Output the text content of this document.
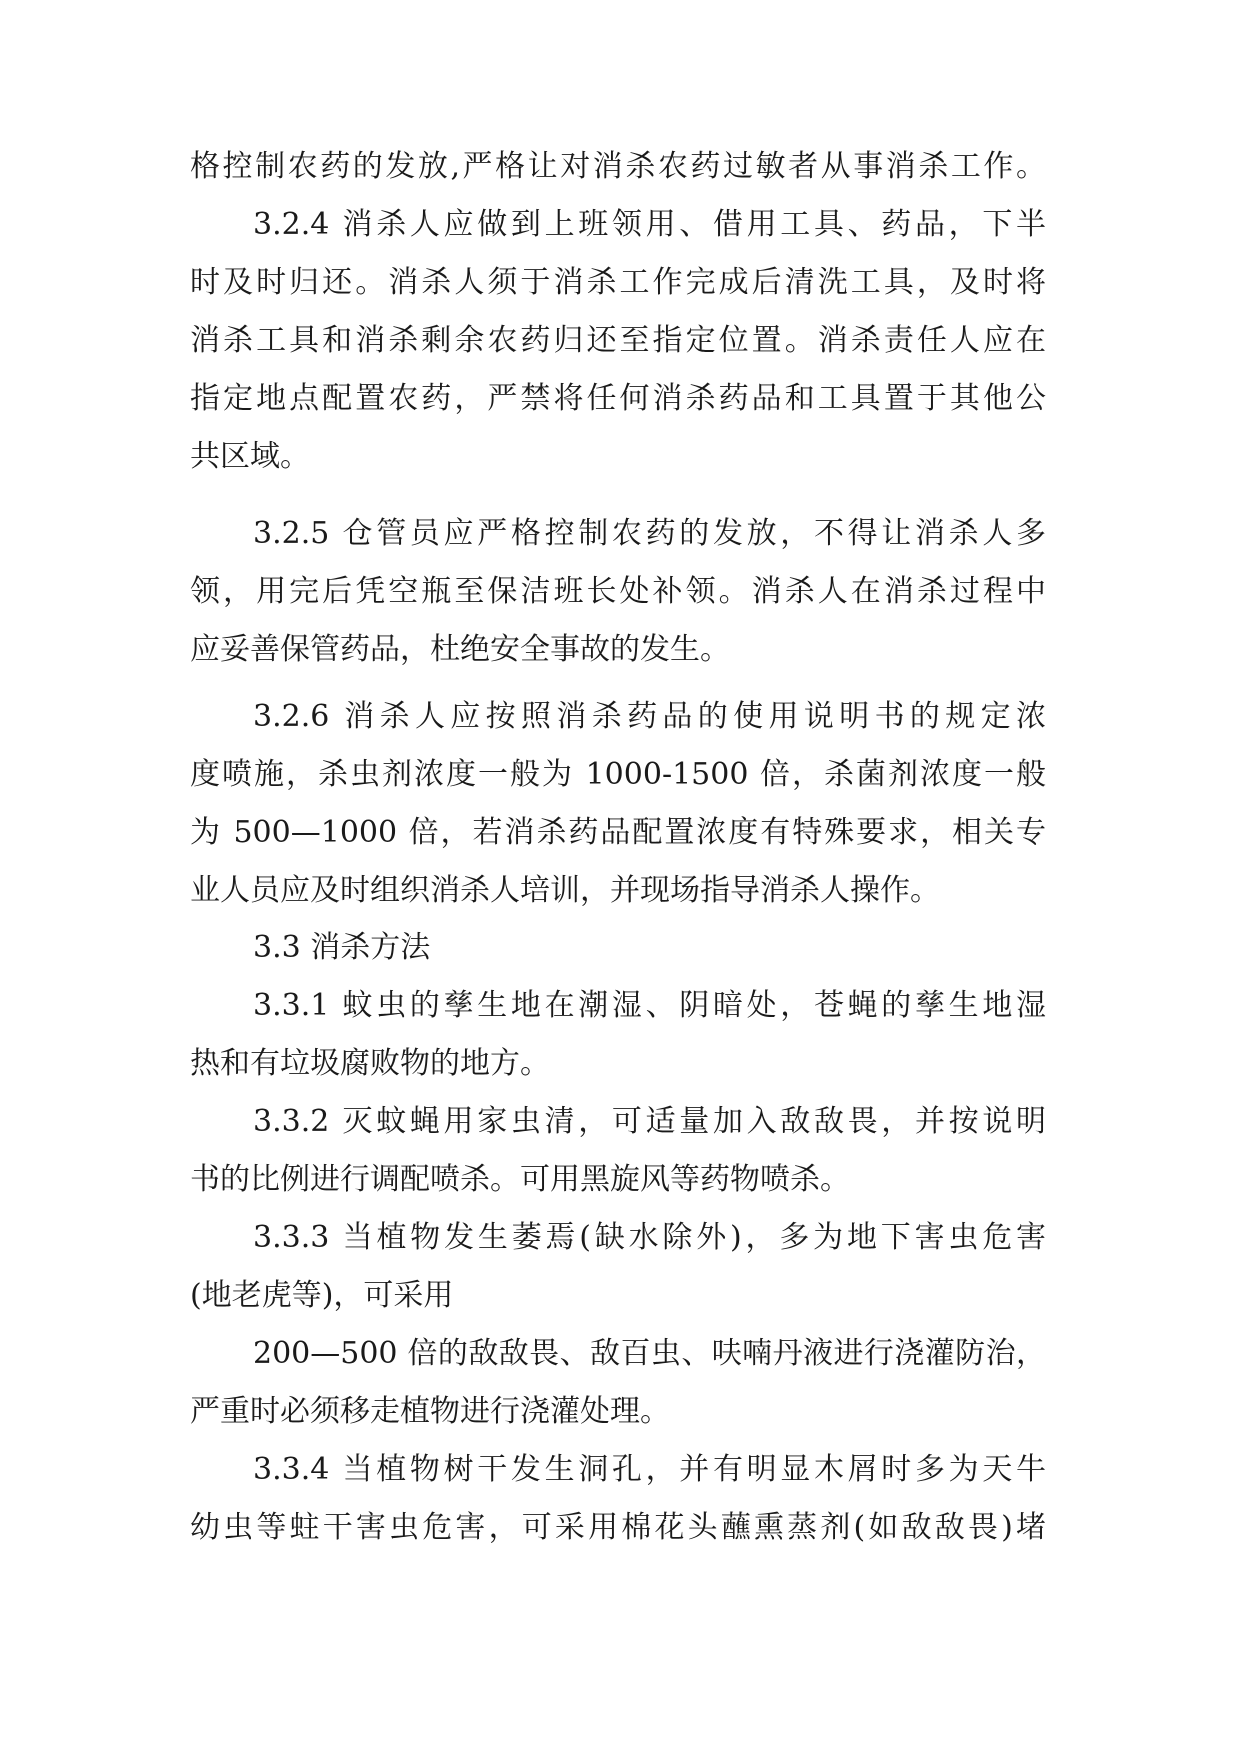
格控制农药的发放,严格让对消杀农药过敏者从事消杀工作。
3.2.4 消杀人应做到上班领用、借用工具、药品，下半
时及时归还。消杀人须于消杀工作完成后清洗工具，及时将
消杀工具和消杀剩余农药归还至指定位置。消杀责任人应在
指定地点配置农药，严禁将任何消杀药品和工具置于其他公
共区域。
3.2.5 仓管员应严格控制农药的发放，不得让消杀人多
领，用完后凭空瓶至保洁班长处补领。消杀人在消杀过程中
应妥善保管药品，杜绝安全事故的发生。
3.2.6 消杀人应按照消杀药品的使用说明书的规定浓
度喷施，杀虫剂浓度一般为 1000-1500 倍，杀菌剂浓度一般
为 500—1000 倍，若消杀药品配置浓度有特殊要求，相关专
业人员应及时组织消杀人培训，并现场指导消杀人操作。
3.3 消杀方法
3.3.1 蚊虫的孳生地在潮湿、阴暗处，苍蝇的孳生地湿
热和有垃圾腐败物的地方。
3.3.2 灭蚊蝇用家虫清，可适量加入敌敌畏，并按说明
书的比例进行调配喷杀。可用黑旋风等药物喷杀。
3.3.3 当植物发生萎焉(缺水除外)，多为地下害虫危害
(地老虎等)，可采用
200—500 倍的敌敌畏、敌百虫、呋喃丹液进行浇灌防治，
严重时必须移走植物进行浇灌处理。
3.3.4 当植物树干发生洞孔，并有明显木屑时多为天牛
幼虫等蛀干害虫危害，可采用棉花头蘸熏蒸剂(如敌敌畏)堵
